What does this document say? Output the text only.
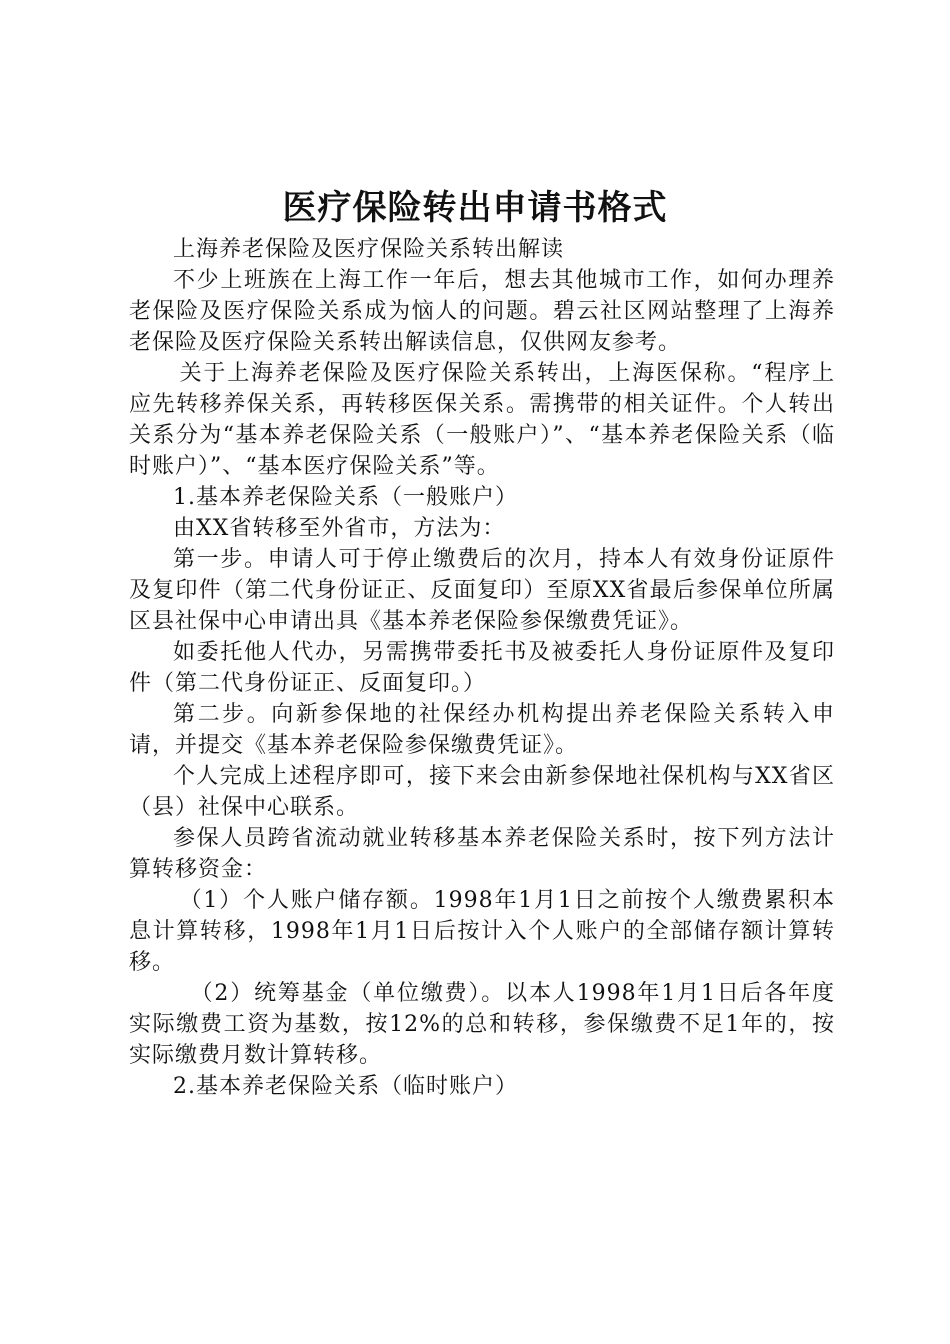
医疗保险转出申请书格式

上海养老保险及医疗保险关系转出解读

不少上班族在上海工作一年后，想去其他城市工作，如何办理养老保险及医疗保险关系成为恼人的问题。碧云社区网站整理了上海养老保险及医疗保险关系转出解读信息，仅供网友参考。

关于上海养老保险及医疗保险关系转出，上海医保称。“程序上应先转移养保关系，再转移医保关系。需携带的相关证件。个人转出关系分为“基本养老保险关系（一般账户）”、“基本养老保险关系（临时账户）”、“基本医疗保险关系”等。

1.基本养老保险关系（一般账户）

由XX省转移至外省市，方法为：

第一步。申请人可于停止缴费后的次月，持本人有效身份证原件及复印件（第二代身份证正、反面复印）至原XX省最后参保单位所属区县社保中心申请出具《基本养老保险参保缴费凭证》。

如委托他人代办，另需携带委托书及被委托人身份证原件及复印件（第二代身份证正、反面复印。）

第二步。向新参保地的社保经办机构提出养老保险关系转入申请，并提交《基本养老保险参保缴费凭证》。

个人完成上述程序即可，接下来会由新参保地社保机构与XX省区（县）社保中心联系。

参保人员跨省流动就业转移基本养老保险关系时，按下列方法计算转移资金：

（1）个人账户储存额。1998年1月1日之前按个人缴费累积本息计算转移，1998年1月1日后按计入个人账户的全部储存额计算转移。

（2）统筹基金（单位缴费）。以本人1998年1月1日后各年度实际缴费工资为基数，按12%的总和转移，参保缴费不足1年的，按实际缴费月数计算转移。

2.基本养老保险关系（临时账户）
